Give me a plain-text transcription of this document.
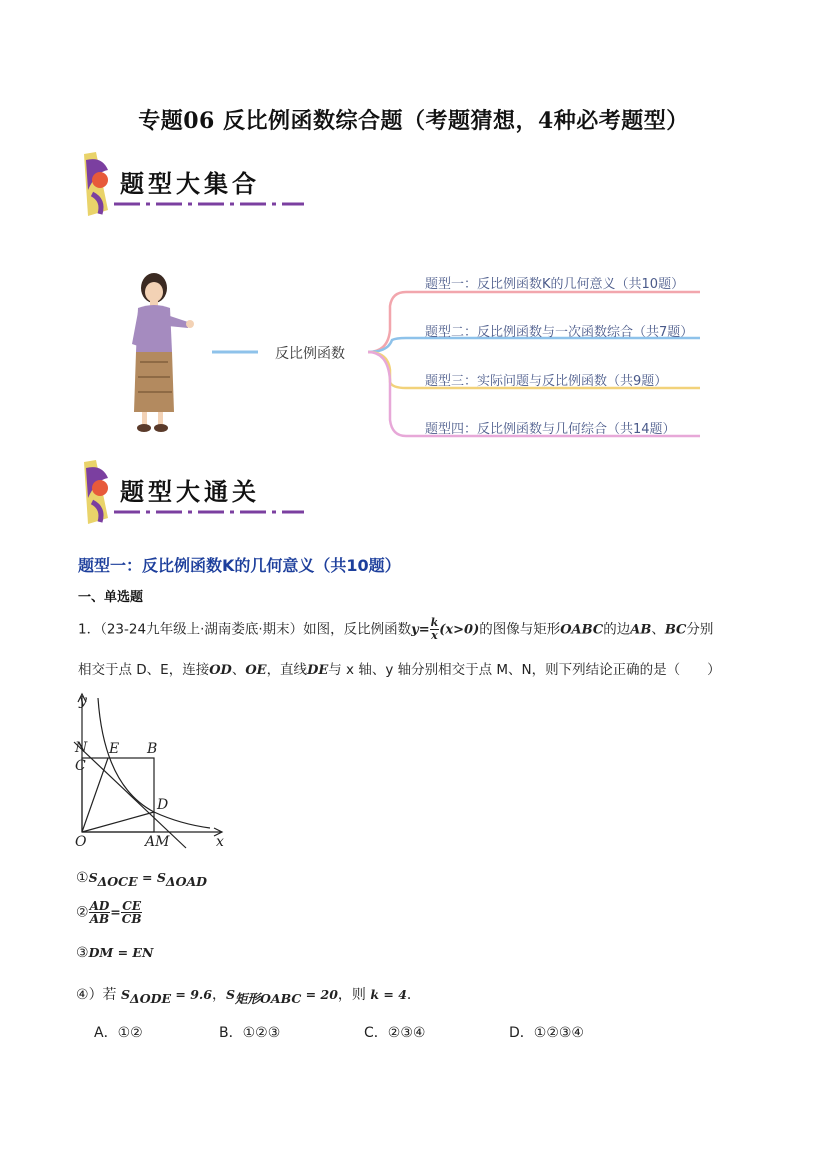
专题06 反比例函数综合题（考题猜想，4种必考题型）
题型大集合
反比例函数
题型一：反比例函数K的几何意义（共10题）
题型二：反比例函数与一次函数综合（共7题）
题型三：实际问题与反比例函数（共9题）
题型四：反比例函数与几何综合（共14题）
题型大通关
题型一：反比例函数K的几何意义（共10题）
一、单选题
1．（23-24九年级上·湖南娄底·期末）如图，反比例函数$y= \frac{k}{x} (x>0)$的图像与矩形OABC的边AB、BC分别
相交于点 D、E，连接OD、OE，直线DE与 x 轴、y 轴分别相交于点 M、N，则下列结论正确的是（　　）
y
x
N E B
C
D
O	AM
$①S_{\Delta OCE} = S_{\Delta OAD}$
② $\frac{AD}{AB} = \frac{CE}{CB}$
③DM = EN
④）若 $S_{\Delta ODE} = 9.6$，$S_{矩形OABC} = 20$，则 k = 4．
A．①②	B．①②③	C．②③④	D．①②③④
